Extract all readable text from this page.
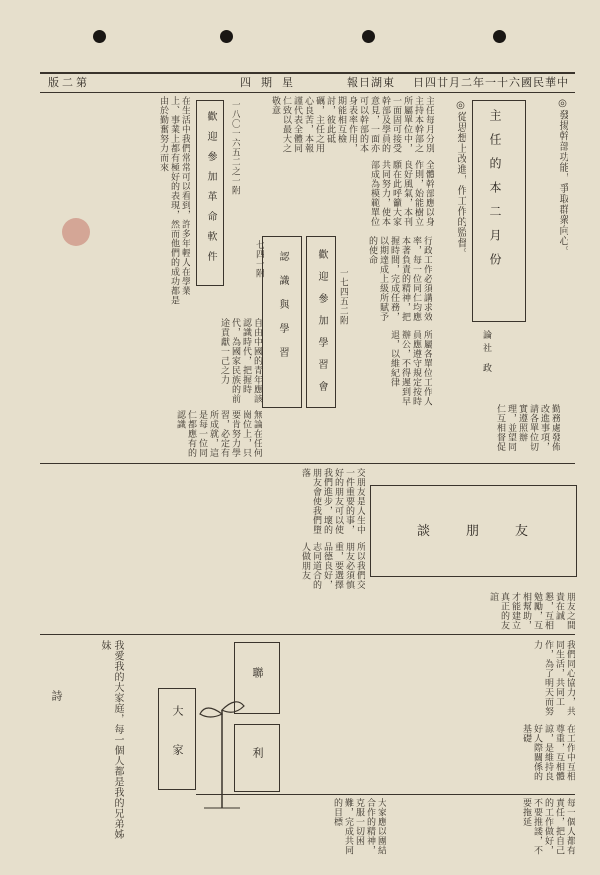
版二第	四期星	報日湖東 日四廿月二年一十六國民華中
主任的本二月份
論社 政
◎發揚幹部功能，爭取群衆向心。
◎從思想上改進，作工作的監督。
主任每月分別主持本幹部之所屬單位中，一面固可接受幹部及學員的意見，一面亦可以幹部的本身表率作用，期能相互檢討，彼此砥礪，主任之用心良苦，本報謹代表全體同仁致以最大之敬意
全體幹部應以身作則，始能樹立良好風氣，本刊願在此呼籲大家共同努力，使本部成為模範單位
行政工作必須講求效率，每一位同仁均應本著負責的精神，把握時間，完成任務，以期達成上級所賦予的使命
所屬各單位工作人員應遵守規定按時辦公，不得遲到早退，以維紀律
勤務處發佈改進事項，請各單位切實遵照辦理，並望同仁互相督促
在生活中我們常常可以看到，許多年輕人在學業上、事業上都有極好的表現，然而他們的成功都是由於勤奮努力而來
自由中國的青年應該認識時代，把握時代，為國家民族的前途貢獻一己之力
無論在任何崗位上，只要肯努力學習，必定有所成就，這是每一位同仁都應有的認識
歡迎參加革命軟件	一八〇一六五二之一附
七四一附	歡迎參加學習會 一七四五二附
認識與學習
交朋友是人生中一件重要的事，好的朋友可以使我們進步，壞的朋友會使我們墮落
談朋友
所以我們交朋友必須慎重，要選擇品德良好，志同道合的人做朋友
朋友之間貴在誠懇，互相勉勵，互相幫助，才能建立真正的友誼
我愛我的大家庭，每一個人都是我的兄弟姊妹
詩
大家
聯
利
我們同心協力，共同生活，共同工作，為了明天而努力
在工作中互相尊重，互相體諒，是維持良好人際關係的基礎
大家應以團結合作的精神，克服一切困難，完成共同的目標	每一個人都有責任，把自己的工作做好，不要推諉，不要拖延
